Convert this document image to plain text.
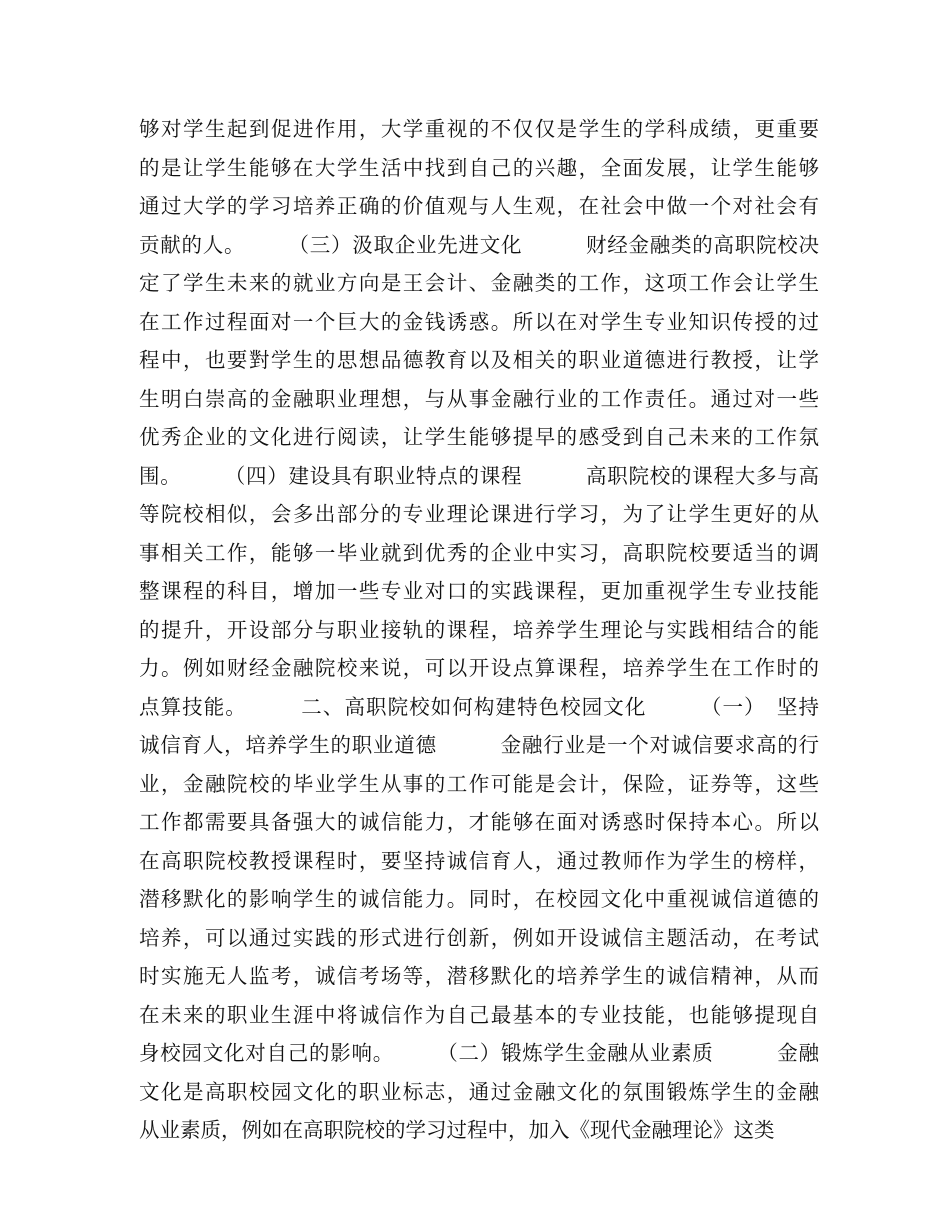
够对学生起到促进作用，大学重视的不仅仅是学生的学科成绩，更重要
的是让学生能够在大学生活中找到自己的兴趣，全面发展，让学生能够
通过大学的学习培养正确的价值观与人生观，在社会中做一个对社会有
贡献的人。　　　（三）汲取企业先进文化　　　财经金融类的高职院校决
定了学生未来的就业方向是王会计、金融类的工作，这项工作会让学生
在工作过程面对一个巨大的金钱诱惑。所以在对学生专业知识传授的过
程中，也要對学生的思想品德教育以及相关的职业道德进行教授，让学
生明白崇高的金融职业理想，与从事金融行业的工作责任。通过对一些
优秀企业的文化进行阅读，让学生能够提早的感受到自己未来的工作氛
围。　　　（四）建设具有职业特点的课程　　　高职院校的课程大多与高
等院校相似，会多出部分的专业理论课进行学习，为了让学生更好的从
事相关工作，能够一毕业就到优秀的企业中实习，高职院校要适当的调
整课程的科目，增加一些专业对口的实践课程，更加重视学生专业技能
的提升，开设部分与职业接轨的课程，培养学生理论与实践相结合的能
力。例如财经金融院校来说，可以开设点算课程，培养学生在工作时的
点算技能。　　　二、高职院校如何构建特色校园文化　　　（一）　坚持
诚信育人，培养学生的职业道德　　　金融行业是一个对诚信要求高的行
业，金融院校的毕业学生从事的工作可能是会计，保险，证券等，这些
工作都需要具备强大的诚信能力，才能够在面对诱惑时保持本心。所以
在高职院校教授课程时，要坚持诚信育人，通过教师作为学生的榜样，
潜移默化的影响学生的诚信能力。同时，在校园文化中重视诚信道德的
培养，可以通过实践的形式进行创新，例如开设诚信主题活动，在考试
时实施无人监考，诚信考场等，潜移默化的培养学生的诚信精神，从而
在未来的职业生涯中将诚信作为自己最基本的专业技能，也能够提现自
身校园文化对自己的影响。　　　（二）锻炼学生金融从业素质　　　金融
文化是高职校园文化的职业标志，通过金融文化的氛围锻炼学生的金融
从业素质，例如在高职院校的学习过程中，加入《现代金融理论》这类
